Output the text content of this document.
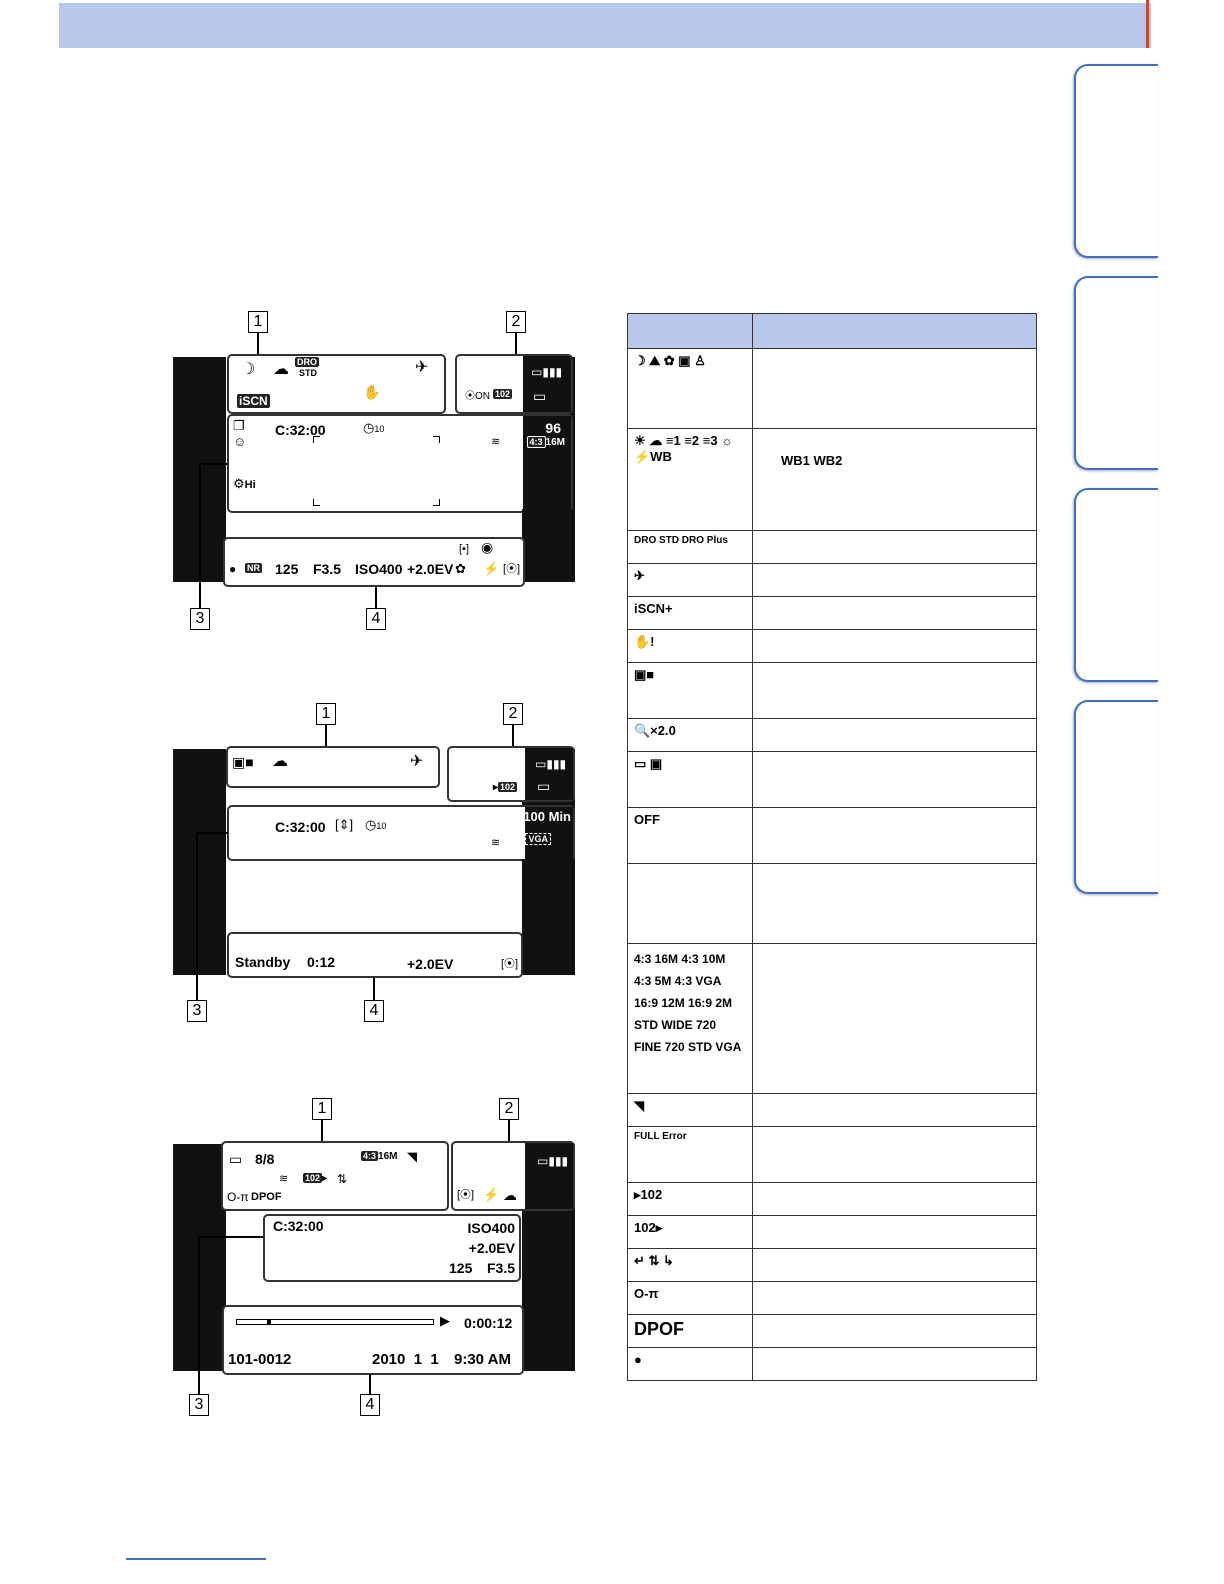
1	2
☽ ☁ DRO
STD	✈
✋
iSCN	⦿ON 102
▭▮▮▮
▭
❐
☺
C:32:00	◷10
≋
96
4:3 16M
⚙Hi
[▪] ◉
● NR 125 F3.5 ISO400 +2.0EV ✿ ⚡ [⦿]
3	4
1	2
▣■ ☁	✈
▸ 102
▭▮▮▮
▭
C:32:00 [⇕] ◷10
≋
100 Min
VGA
Standby 0:12	+2.0EV	[⦿]
3	4
1	2
▭ 8/8	4:3 16M ◥
≋ 102 ▸ ⇅
O-π DPOF
▭▮▮▮
[⦿] ⚡ ☁
C:32:00	ISO400
+2.0EV
125 F3.5
▶ 0:00:12
101-0012	2010  1  1 9:30 AM
3	4

☽ ⛰ ✿ ▣ ♙	
☀ ☁ ≡1 ≡2 ≡3 ☼ ⚡WB	WB1 WB2
DRO STD DRO Plus	
✈	
iSCN+	
✋!	
▣■	
🔍×2.0	
▭ ▣	
OFF	

4:3 16M 4:3 10M 4:3 5M 4:3 VGA 16:9 12M 16:9 2M STD WIDE 720 FINE 720 STD VGA	
◥	
FULL Error	
▸102	
102▸	
↵ ⇅ ↳	
O-π	
DPOF	
●	
